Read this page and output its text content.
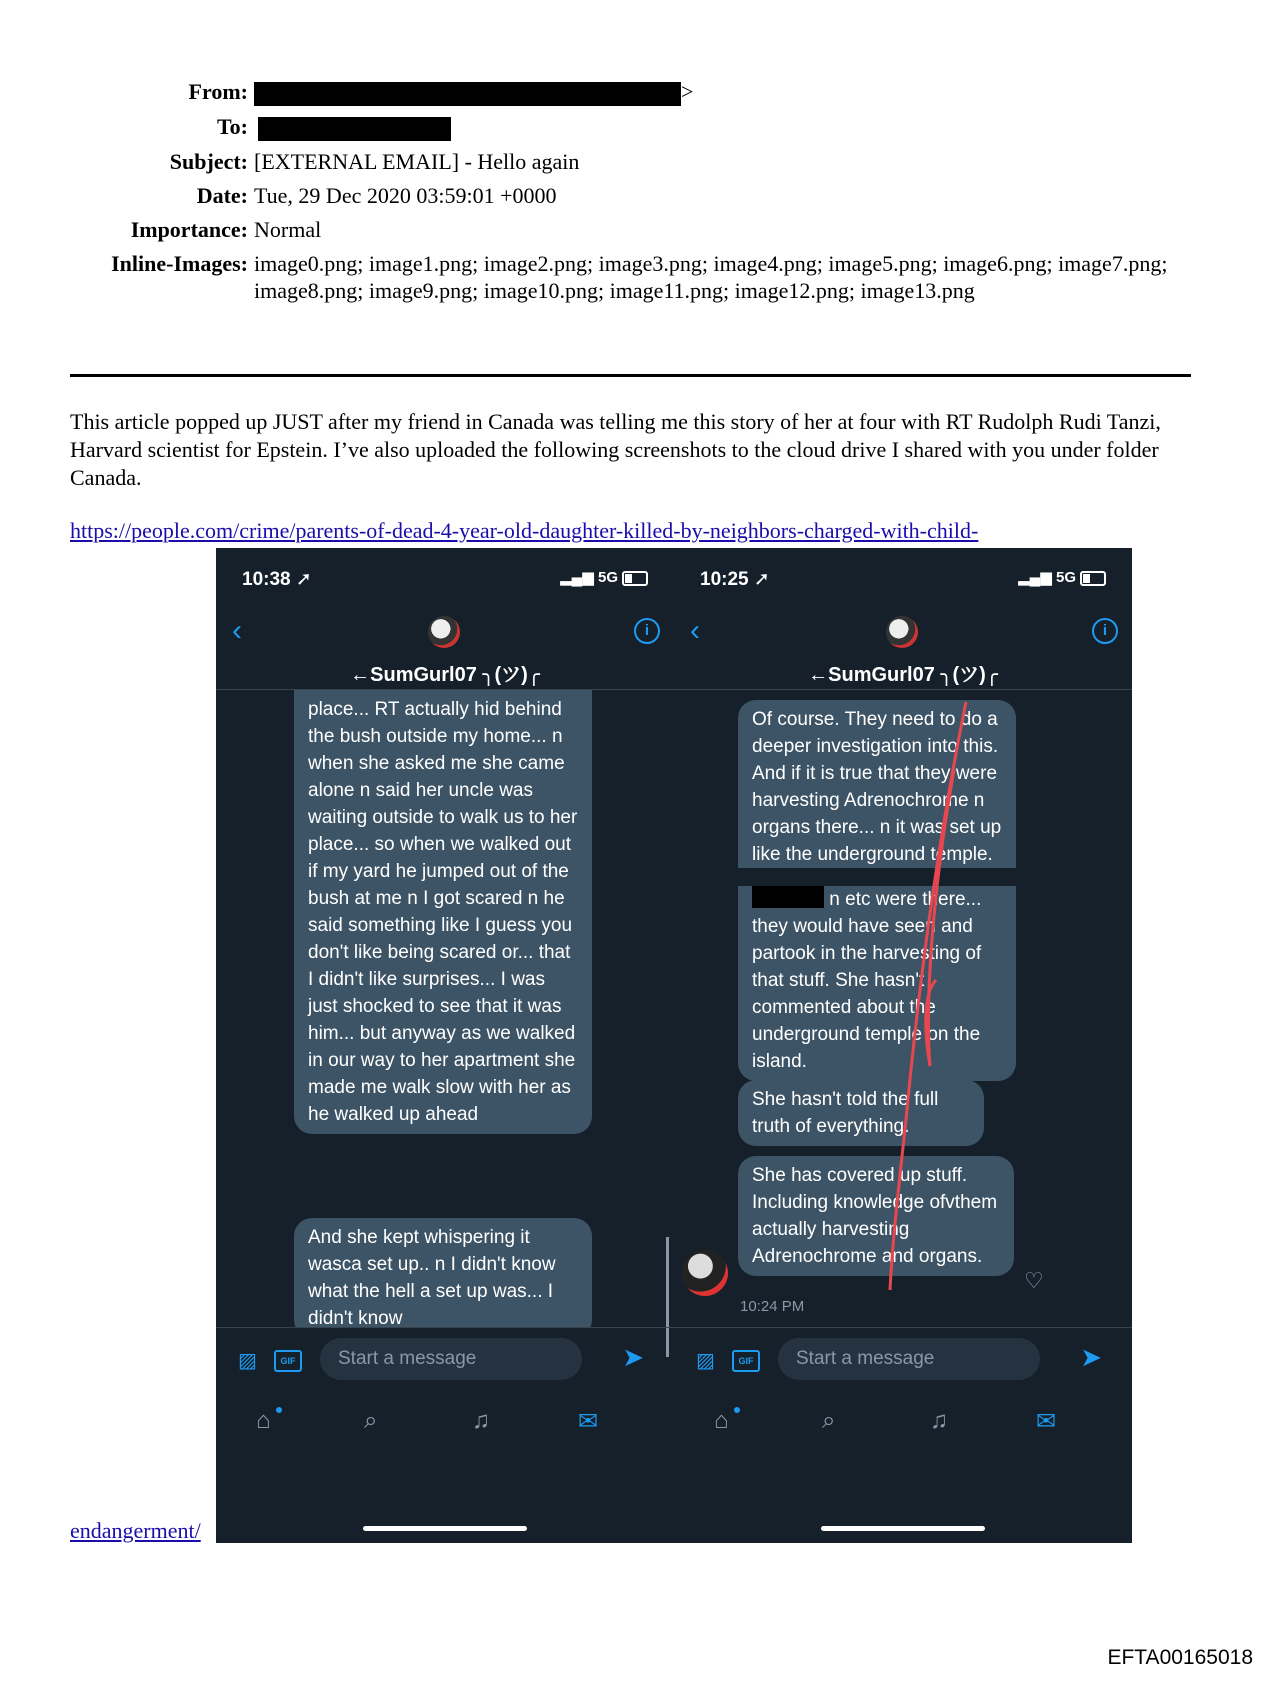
From:	>
To:
Subject: [EXTERNAL EMAIL] - Hello again
Date: Tue, 29 Dec 2020 03:59:01 +0000
Importance: Normal
Inline-Images: image0.png; image1.png; image2.png; image3.png; image4.png; image5.png; image6.png; image7.png; image8.png; image9.png; image10.png; image11.png; image12.png; image13.png
This article popped up JUST after my friend in Canada was telling me this story of her at four with RT Rudolph Rudi Tanzi, Harvard scientist for Epstein. I’ve also uploaded the following screenshots to the cloud drive I shared with you under folder Canada.
https://people.com/crime/parents-of-dead-4-year-old-daughter-killed-by-neighbors-charged-with-child-
endangerment/
10:38 ➚	▂▄▆ 5G
‹	i
←SumGurl07 ╮(ツ)╭
place... RT actually hid behind the bush outside my home... n when she asked me she came alone n said her uncle was waiting outside to walk us to her place... so when we walked out if my yard he jumped out of the bush at me n I got scared n he said something like I guess you don't like being scared or... that I didn't like surprises... I was just shocked to see that it was him... but anyway as we walked in our way to her apartment she made me walk slow with her as he walked up ahead
And she kept whispering it wasca set up.. n I didn't know what the hell a set up was... I didn't know
▨	GIF	Start a message	➤
⌂	⌕	♫	✉
10:25 ➚	▂▄▆ 5G
‹	i
←SumGurl07 ╮(ツ)╭
Of course. They need to do a deeper investigation into this. And if it is true that they were harvesting Adrenochrome n organs there... n it was set up like the underground temple.
n etc were there... they would have seen and partook in the harvesting of that stuff. She hasn't commented about the underground temple on the island.
She hasn't told the full truth of everything.
She has covered up stuff. Including knowledge ofvthem actually harvesting Adrenochrome and organs.
♡
10:24 PM
▨	GIF	Start a message	➤
⌂	⌕	♫	✉
EFTA00165018
